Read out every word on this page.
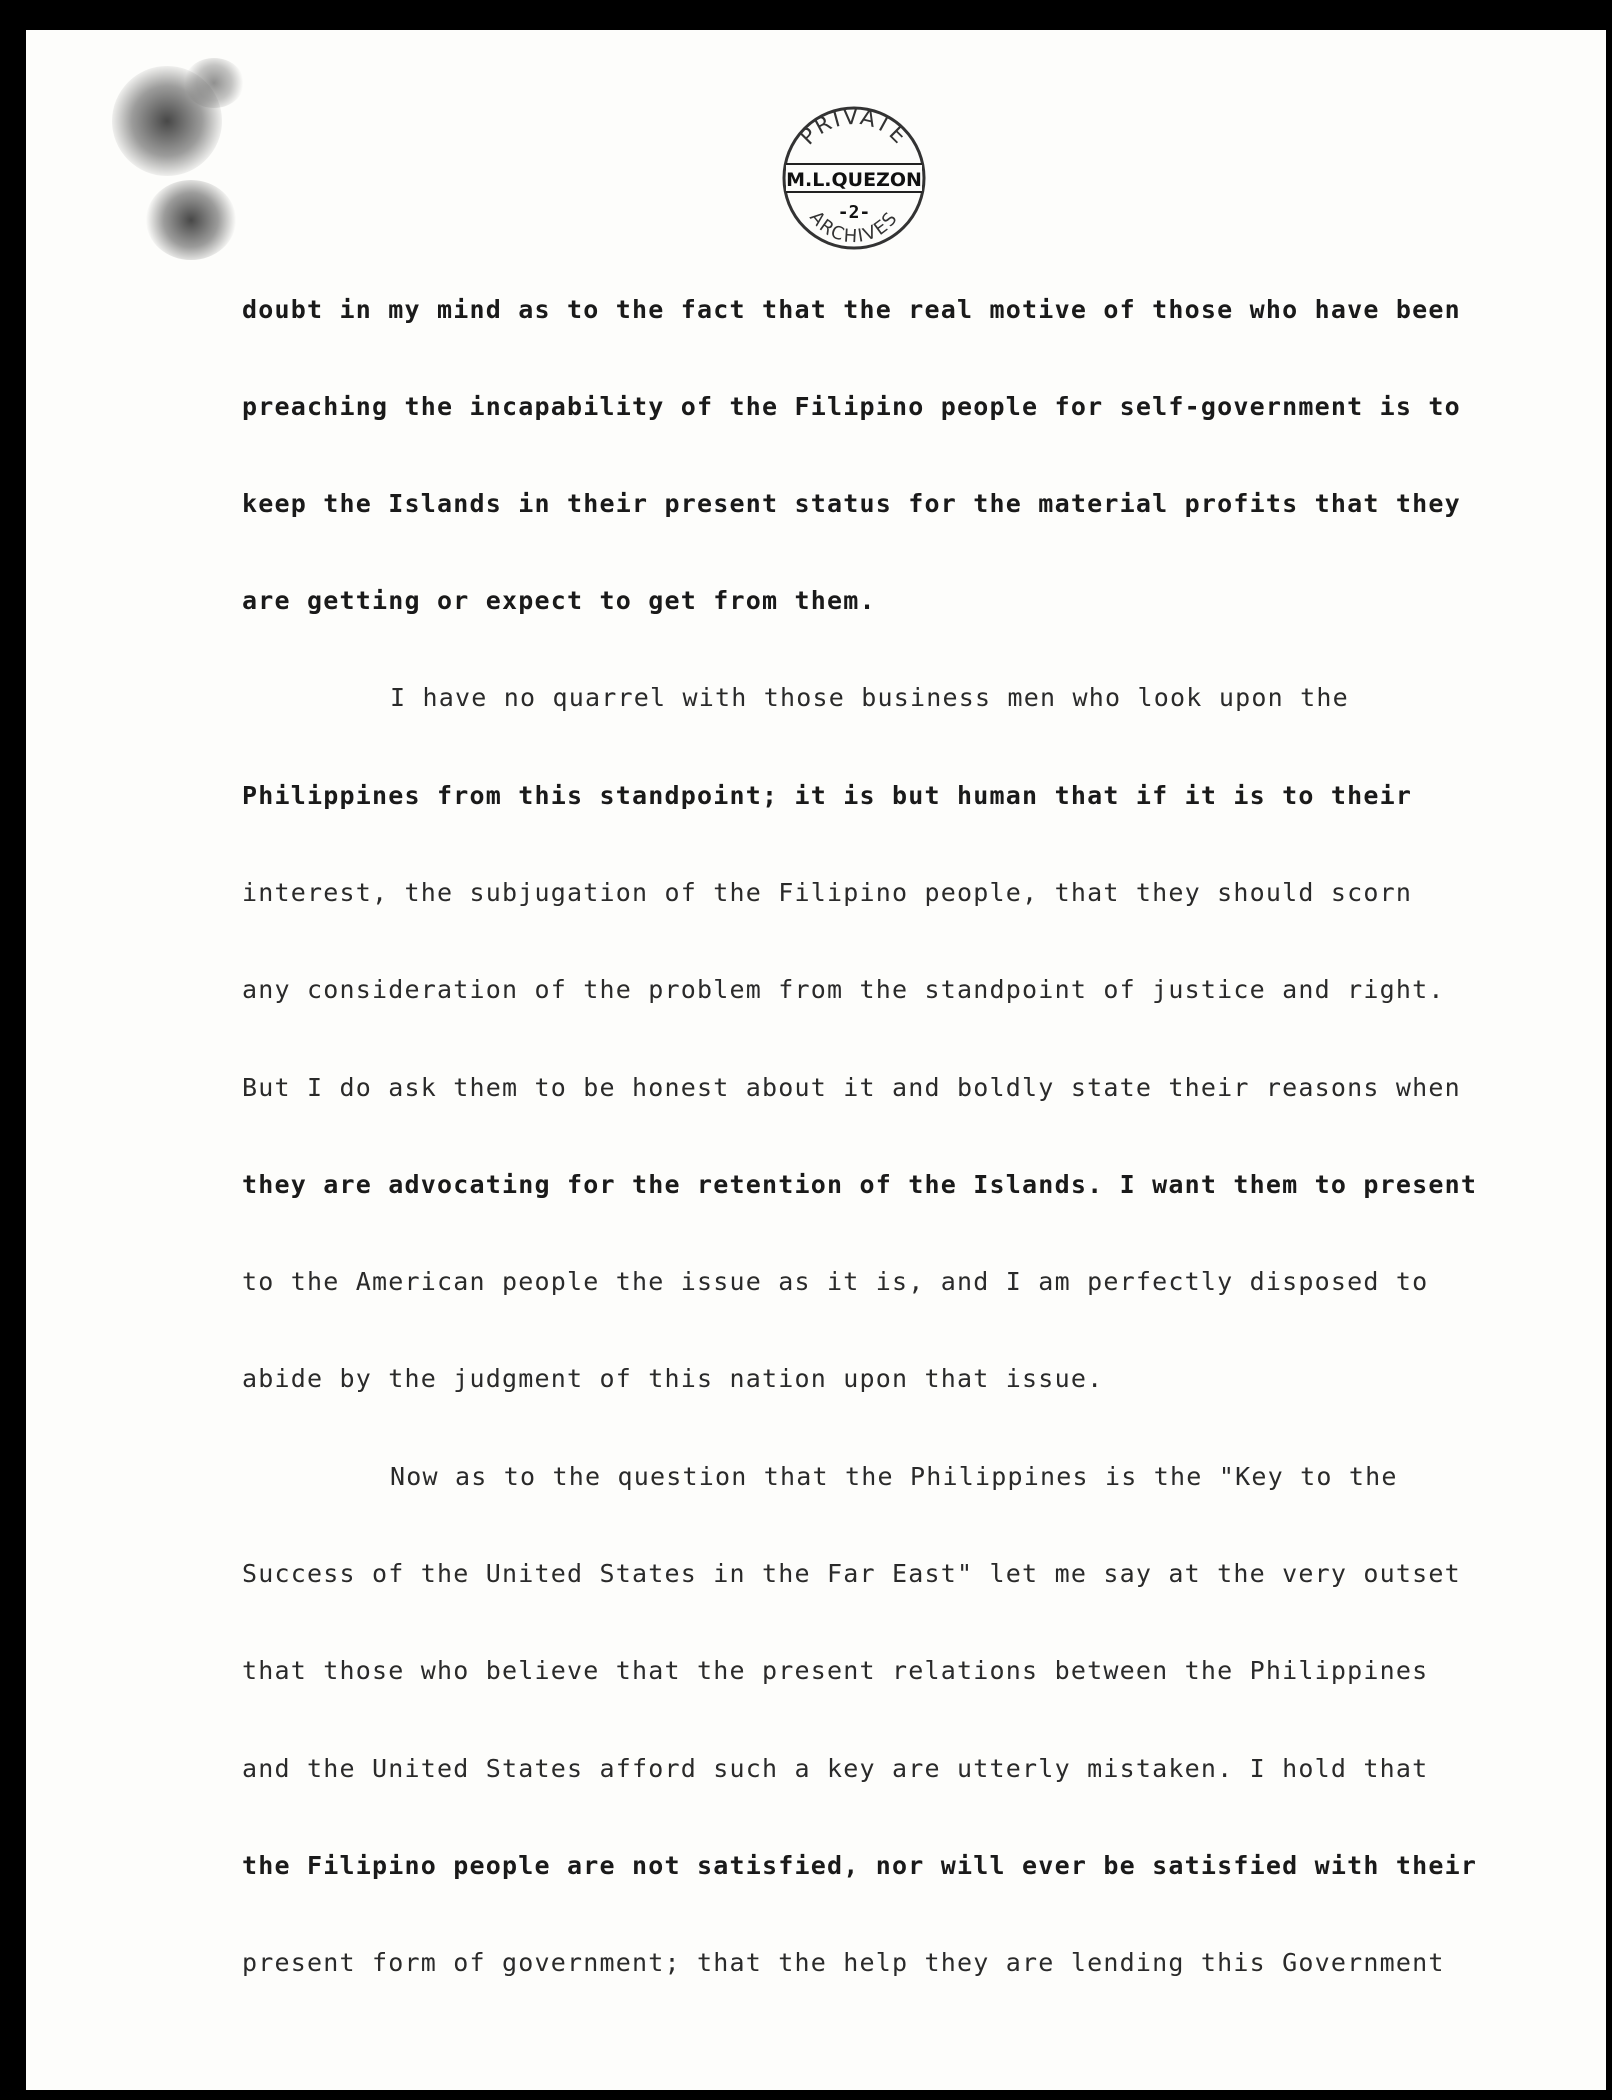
PRIVATE
M.L.QUEZON
ARCHIVES
-2-
doubt in my mind as to the fact that the real motive of those who have been
preaching the incapability of the Filipino people for self-government is to
keep the Islands in their present status for the material profits that they
are getting or expect to get from them.
I have no quarrel with those business men who look upon the
Philippines from this standpoint; it is but human that if it is to their
interest, the subjugation of the Filipino people, that they should scorn
any consideration of the problem from the standpoint of justice and right.
But I do ask them to be honest about it and boldly state their reasons when
they are advocating for the retention of the Islands. I want them to present
to the American people the issue as it is, and I am perfectly disposed to
abide by the judgment of this nation upon that issue.
Now as to the question that the Philippines is the "Key to the
Success of the United States in the Far East" let me say at the very outset
that those who believe that the present relations between the Philippines
and the United States afford such a key are utterly mistaken. I hold that
the Filipino people are not satisfied, nor will ever be satisfied with their
present form of government; that the help they are lending this Government
